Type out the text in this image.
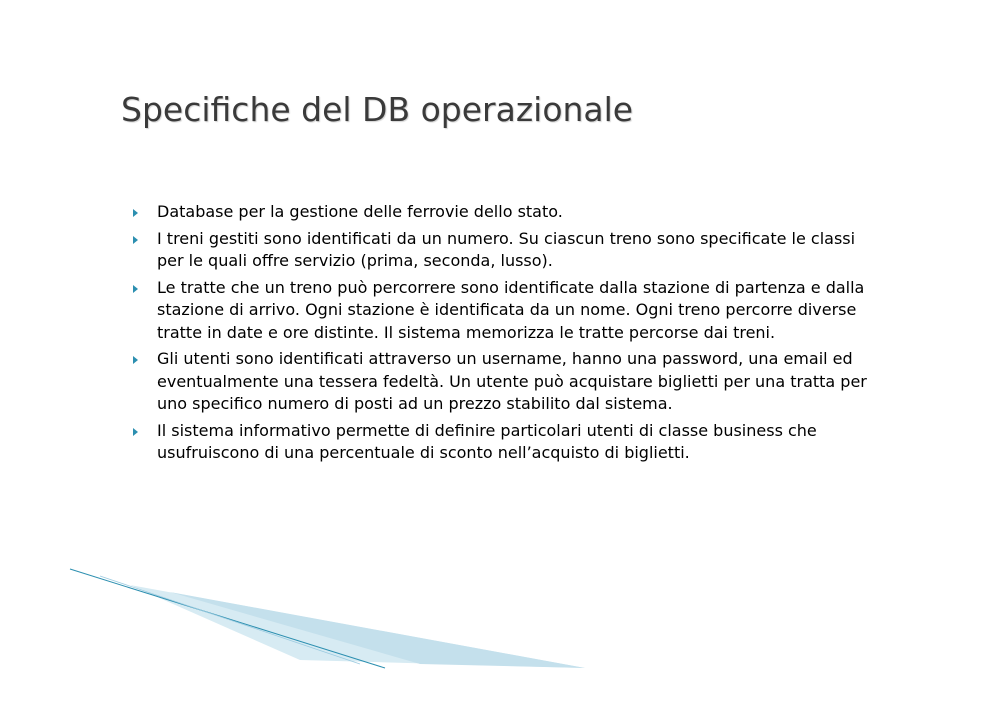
Specifiche del DB operazionale
Database per la gestione delle ferrovie dello stato.
I treni gestiti sono identificati da un numero. Su ciascun treno sono specificate le classi per le quali offre servizio (prima, seconda, lusso).
Le tratte che un treno può percorrere sono identificate dalla stazione di partenza e dalla stazione di arrivo. Ogni stazione è identificata da un nome. Ogni treno percorre diverse tratte in date e ore distinte. Il sistema memorizza le tratte percorse dai treni.
Gli utenti sono identificati attraverso un username, hanno una password, una email ed eventualmente una tessera fedeltà. Un utente può acquistare biglietti per una tratta per uno specifico numero di posti ad un prezzo stabilito dal sistema.
Il sistema informativo permette di definire particolari utenti di classe business che usufruiscono di una percentuale di sconto nell’acquisto di biglietti.
